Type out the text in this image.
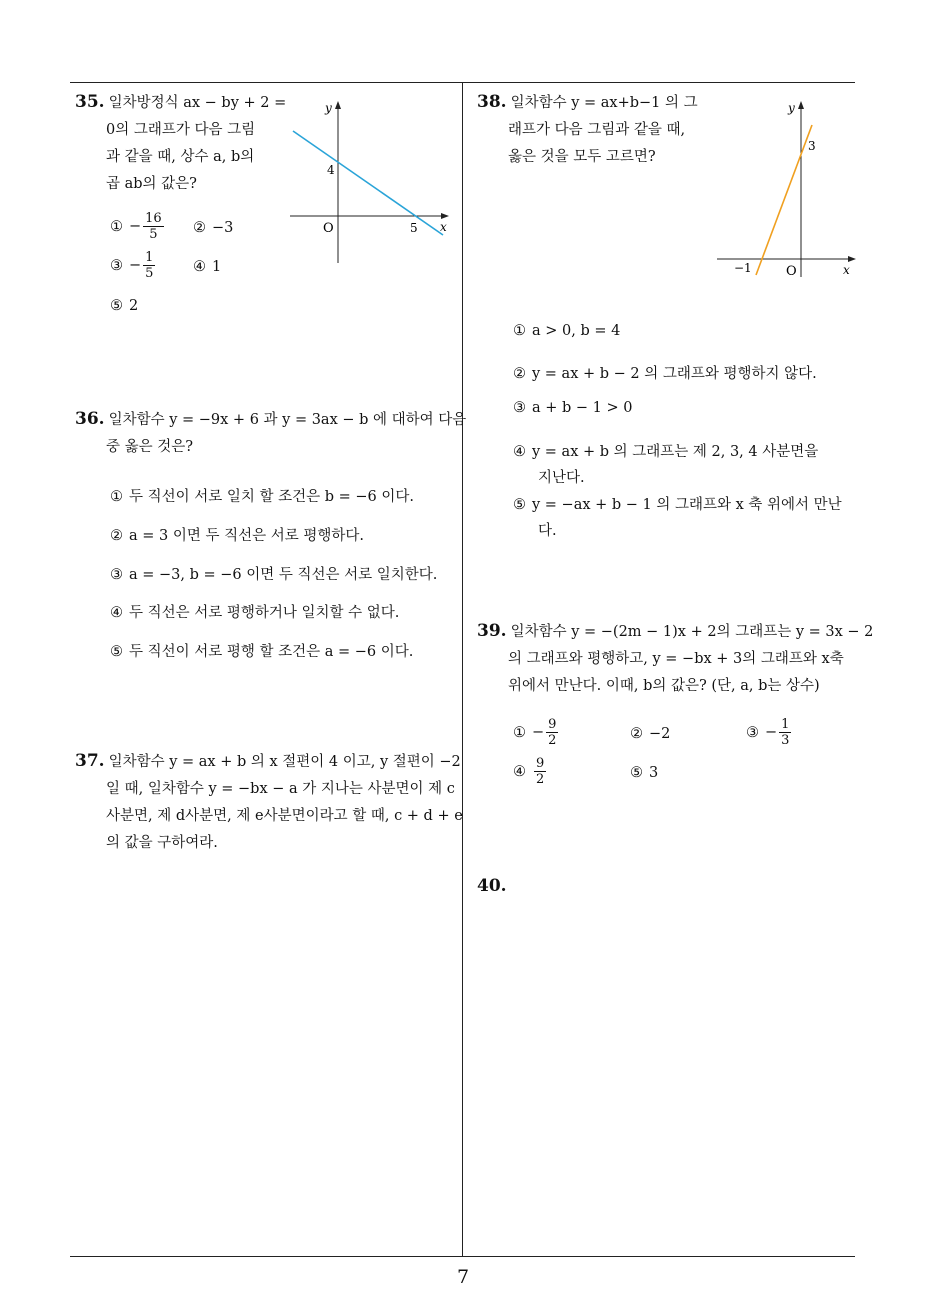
7
35. 일차방정식 ax − by + 2 =
0의 그래프가 다음 그림
과 같을 때, 상수 a, b의
곱 ab의 값은?
y
x
O
4
5
① − $\frac{16}{5}$ ② −3
③ − $\frac{1}{5}$	④ 1
⑤ 2
36. 일차함수 y = −9x + 6 과 y = 3ax − b 에 대하여 다음
중 옳은 것은?
① 두 직선이 서로 일치 할 조건은 b = −6 이다.
② a = 3 이면 두 직선은 서로 평행하다.
③ a = −3, b = −6 이면 두 직선은 서로 일치한다.
④ 두 직선은 서로 평행하거나 일치할 수 없다.
⑤ 두 직선이 서로 평행 할 조건은 a = −6 이다.
37. 일차함수 y = ax + b 의 x 절편이 4 이고, y 절편이 −2
일 때, 일차함수 y = −bx − a 가 지나는 사분면이 제 c
사분면, 제 d사분면, 제 e사분면이라고 할 때, c + d + e
의 값을 구하여라.
38. 일차함수 y = ax+b−1 의 그
래프가 다음 그림과 같을 때,
옳은 것을 모두 고르면?
y
x
O
3
−1
① a > 0, b = 4
② y = ax + b − 2 의 그래프와 평행하지 않다.
③ a + b − 1 > 0
④ y = ax + b 의 그래프는 제 2, 3, 4 사분면을
지난다.
⑤ y = −ax + b − 1 의 그래프와 x 축 위에서 만난
다.
39. 일차함수 y = −(2m − 1)x + 2의 그래프는 y = 3x − 2
의 그래프와 평행하고, y = −bx + 3의 그래프와 x축
위에서 만난다. 이때, b의 값은? (단, a, b는 상수)
① − $\frac{9}{2}$	② −2	③ − $\frac{1}{3}$
④ $\frac{9}{2}$	⑤ 3
40.
